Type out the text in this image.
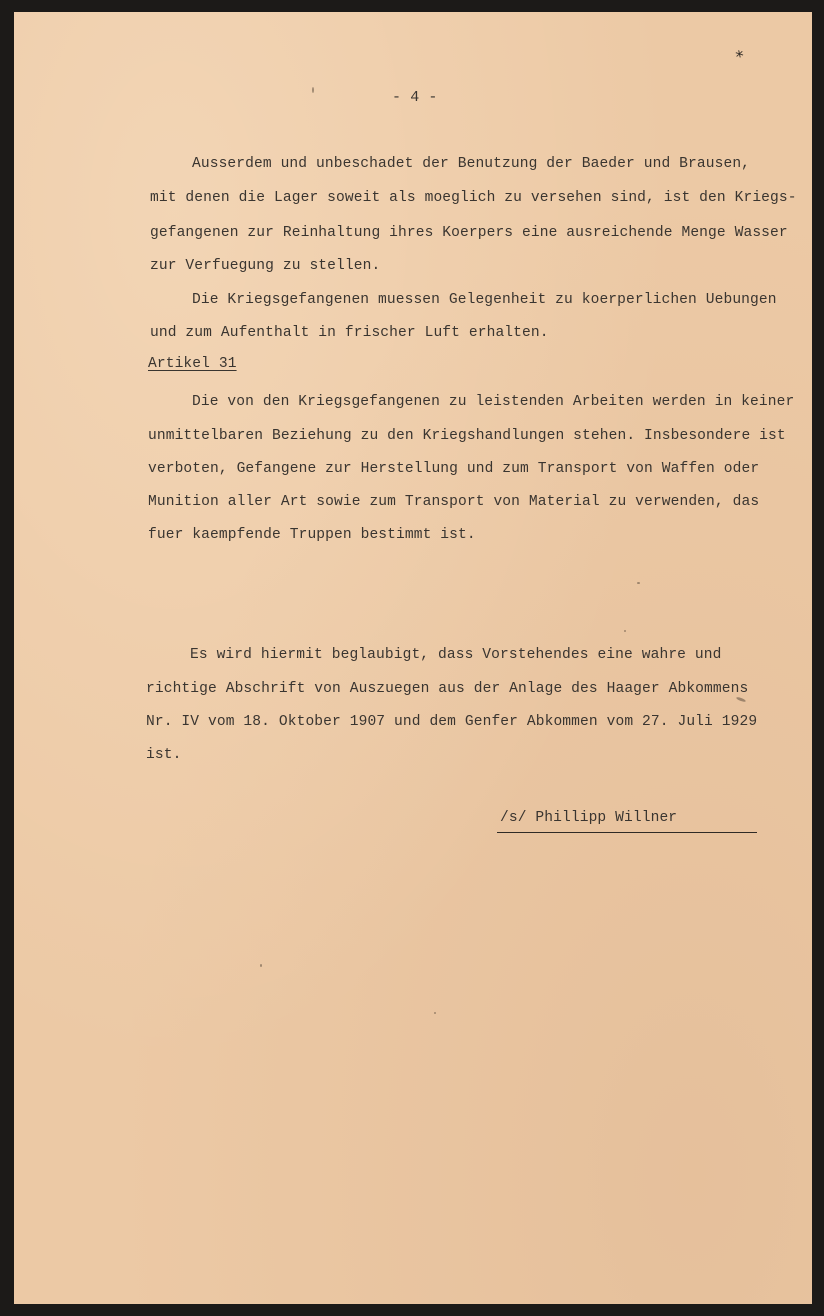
*
- 4 -
Ausserdem und unbeschadet der Benutzung der Baeder und Brausen,
mit denen die Lager soweit als moeglich zu versehen sind, ist den Kriegs-
gefangenen zur Reinhaltung ihres Koerpers eine ausreichende Menge Wasser
zur Verfuegung zu stellen.
Die Kriegsgefangenen muessen Gelegenheit zu koerperlichen Uebungen
und zum Aufenthalt in frischer Luft erhalten.
Artikel 31
Die von den Kriegsgefangenen zu leistenden Arbeiten werden in keiner
unmittelbaren Beziehung zu den Kriegshandlungen stehen. Insbesondere ist
verboten, Gefangene zur Herstellung und zum Transport von Waffen oder
Munition aller Art sowie zum Transport von Material zu verwenden, das
fuer kaempfende Truppen bestimmt ist.
Es wird hiermit beglaubigt, dass Vorstehendes eine wahre und
richtige Abschrift von Auszuegen aus der Anlage des Haager Abkommens
Nr. IV vom 18. Oktober 1907 und dem Genfer Abkommen vom 27. Juli 1929
ist.
/s/ Phillipp Willner
